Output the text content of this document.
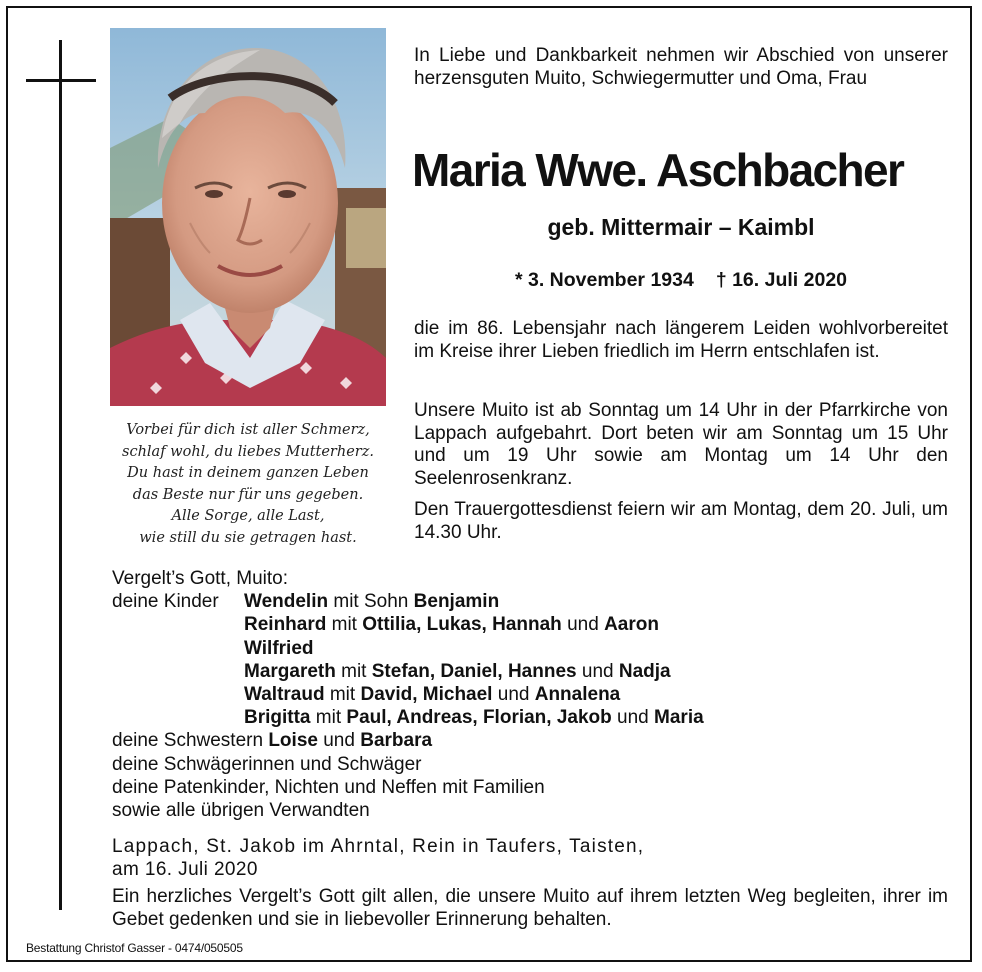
Vorbei für dich ist aller Schmerz,
schlaf wohl, du liebes Mutterherz.
Du hast in deinem ganzen Leben
das Beste nur für uns gegeben.
Alle Sorge, alle Last,
wie still du sie getragen hast.
In Liebe und Dankbarkeit nehmen wir Abschied von unserer herzensguten Muito, Schwiegermutter und Oma, Frau
Maria Wwe. Aschbacher
geb. Mittermair – Kaimbl
* 3. November 1934 † 16. Juli 2020
die im 86. Lebensjahr nach längerem Leiden wohlvorbereitet im Kreise ihrer Lieben friedlich im Herrn entschlafen ist.
Unsere Muito ist ab Sonntag um 14 Uhr in der Pfarrkirche von Lappach aufgebahrt. Dort beten wir am Sonntag um 15 Uhr und um 19 Uhr sowie am Montag um 14 Uhr den Seelenrosenkranz.
Den Trauergottesdienst feiern wir am Montag, dem 20. Juli, um 14.30 Uhr.
Vergelt’s Gott, Muito:
deine Kinder Wendelin mit Sohn Benjamin
Reinhard mit Ottilia, Lukas, Hannah und Aaron
Wilfried
Margareth mit Stefan, Daniel, Hannes und Nadja
Waltraud mit David, Michael und Annalena
Brigitta mit Paul, Andreas, Florian, Jakob und Maria
deine Schwestern Loise und Barbara
deine Schwägerinnen und Schwäger
deine Patenkinder, Nichten und Neffen mit Familien
sowie alle übrigen Verwandten
Lappach, St. Jakob im Ahrntal, Rein in Taufers, Taisten,
am 16. Juli 2020
Ein herzliches Vergelt’s Gott gilt allen, die unsere Muito auf ihrem letzten Weg begleiten, ihrer im Gebet gedenken und sie in liebevoller Erinnerung behalten.
Bestattung Christof Gasser - 0474/050505
